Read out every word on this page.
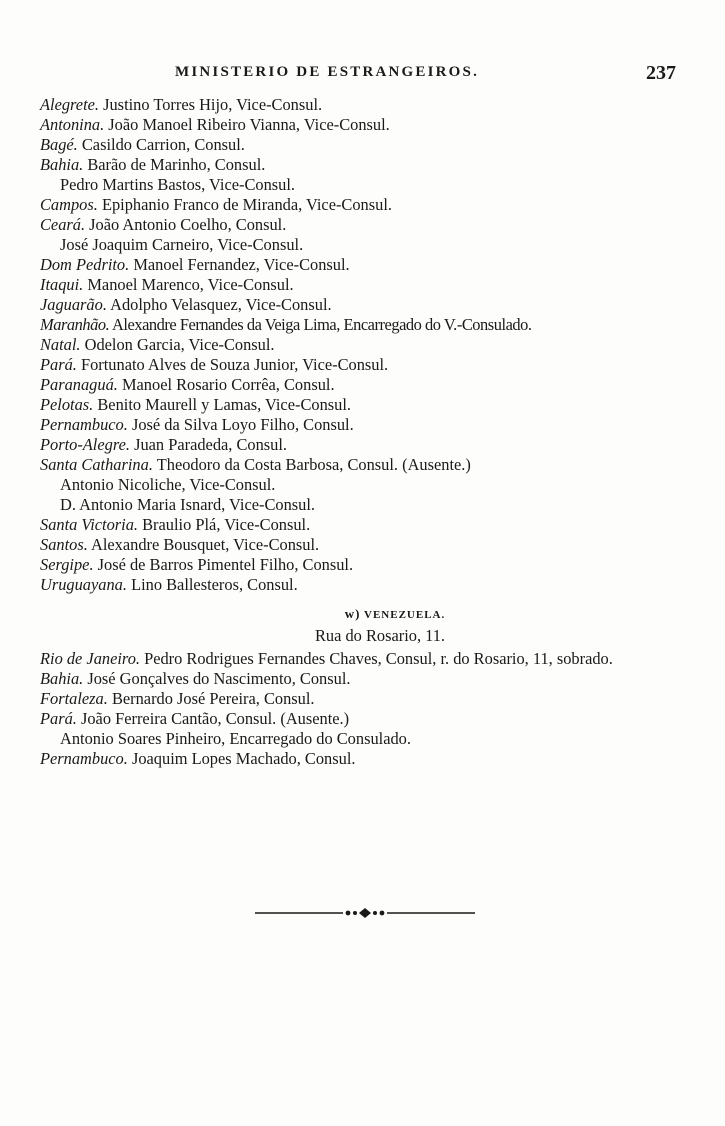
MINISTERIO DE ESTRANGEIROS.	237
Alegrete. Justino Torres Hijo, Vice-Consul.
Antonina. João Manoel Ribeiro Vianna, Vice-Consul.
Bagé. Casildo Carrion, Consul.
Bahia. Barão de Marinho, Consul.
Pedro Martins Bastos, Vice-Consul.
Campos. Epiphanio Franco de Miranda, Vice-Consul.
Ceará. João Antonio Coelho, Consul.
José Joaquim Carneiro, Vice-Consul.
Dom Pedrito. Manoel Fernandez, Vice-Consul.
Itaqui. Manoel Marenco, Vice-Consul.
Jaguarão. Adolpho Velasquez, Vice-Consul.
Maranhão. Alexandre Fernandes da Veiga Lima, Encarregado do V.-Consulado.
Natal. Odelon Garcia, Vice-Consul.
Pará. Fortunato Alves de Souza Junior, Vice-Consul.
Paranaguá. Manoel Rosario Corrêa, Consul.
Pelotas. Benito Maurell y Lamas, Vice-Consul.
Pernambuco. José da Silva Loyo Filho, Consul.
Porto-Alegre. Juan Paradeda, Consul.
Santa Catharina. Theodoro da Costa Barbosa, Consul. (Ausente.)
Antonio Nicoliche, Vice-Consul.
D. Antonio Maria Isnard, Vice-Consul.
Santa Victoria. Braulio Plá, Vice-Consul.
Santos. Alexandre Bousquet, Vice-Consul.
Sergipe. José de Barros Pimentel Filho, Consul.
Uruguayana. Lino Ballesteros, Consul.
w) VENEZUELA.
Rua do Rosario, 11.
Rio de Janeiro. Pedro Rodrigues Fernandes Chaves, Consul, r. do Rosario, 11, sobrado.
Bahia. José Gonçalves do Nascimento, Consul.
Fortaleza. Bernardo José Pereira, Consul.
Pará. João Ferreira Cantão, Consul. (Ausente.)
Antonio Soares Pinheiro, Encarregado do Consulado.
Pernambuco. Joaquim Lopes Machado, Consul.
